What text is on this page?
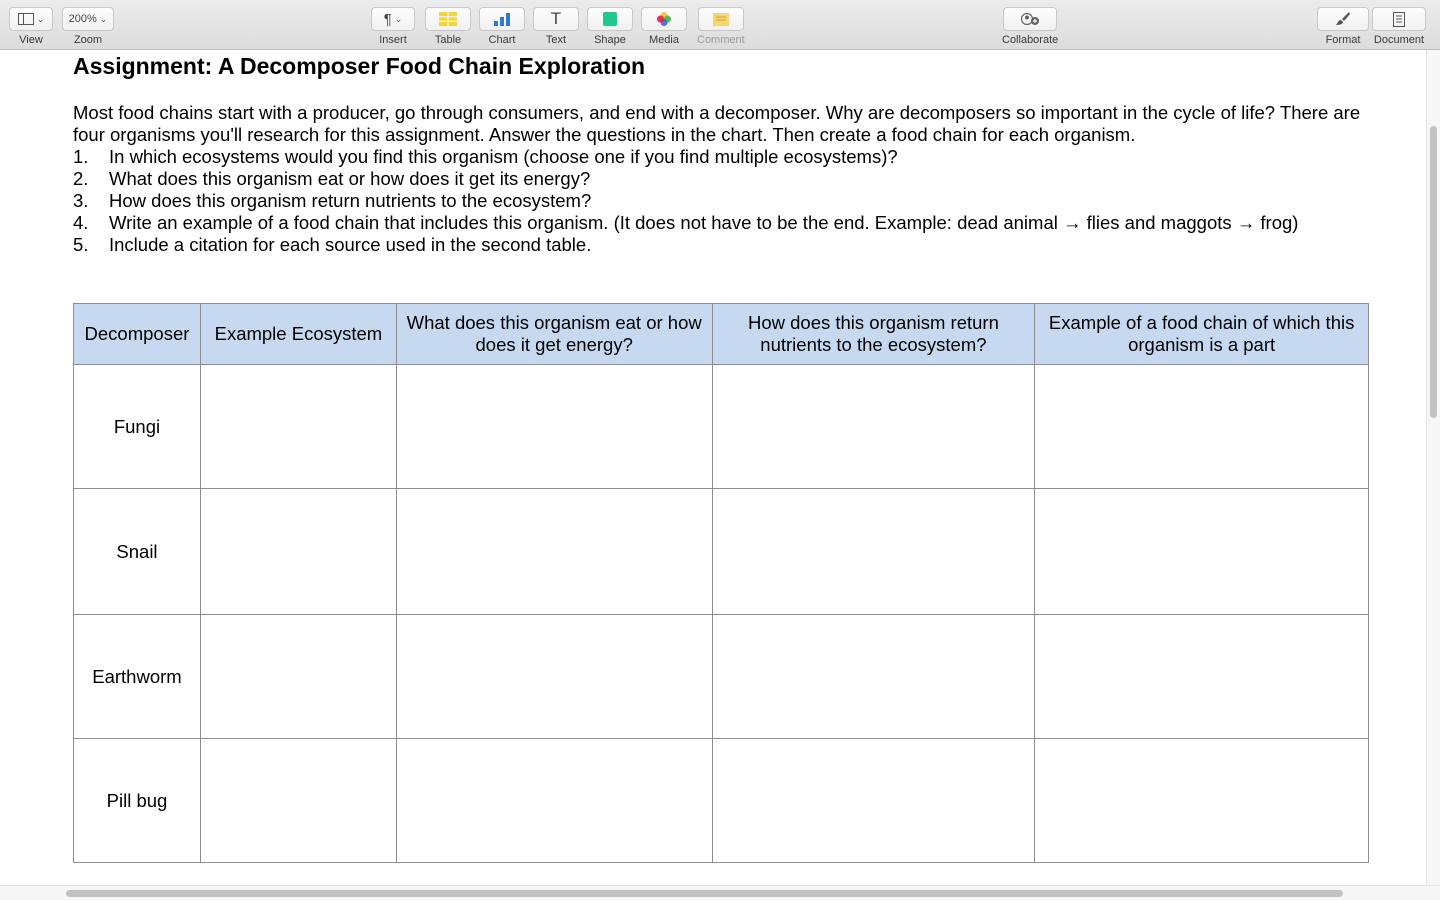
⌄
View
200% ⌄
Zoom
¶ ⌄
Insert	Table Chart
T
Text	Shape Media Comment	Collaborate	Format Document
Assignment: A Decomposer Food Chain Exploration

Most food chains start with a producer, go through consumers, and end with a decomposer. Why are decomposers so important in the cycle of life? There are four organisms you'll research for this assignment. Answer the questions in the chart. Then create a food chain for each organism.

1.	In which ecosystems would you find this organism (choose one if you find multiple ecosystems)?
2.	What does this organism eat or how does it get its energy?
3.	How does this organism return nutrients to the ecosystem?
4.	Write an example of a food chain that includes this organism. (It does not have to be the end. Example: dead animal → flies and maggots → frog)
5.	Include a citation for each source used in the second table.
Decomposer	Example Ecosystem	What does this organism eat or how does it get energy?	How does this organism return nutrients to the ecosystem?	Example of a food chain of which this organism is a part
Fungi				
Snail				
Earthworm				
Pill bug				
